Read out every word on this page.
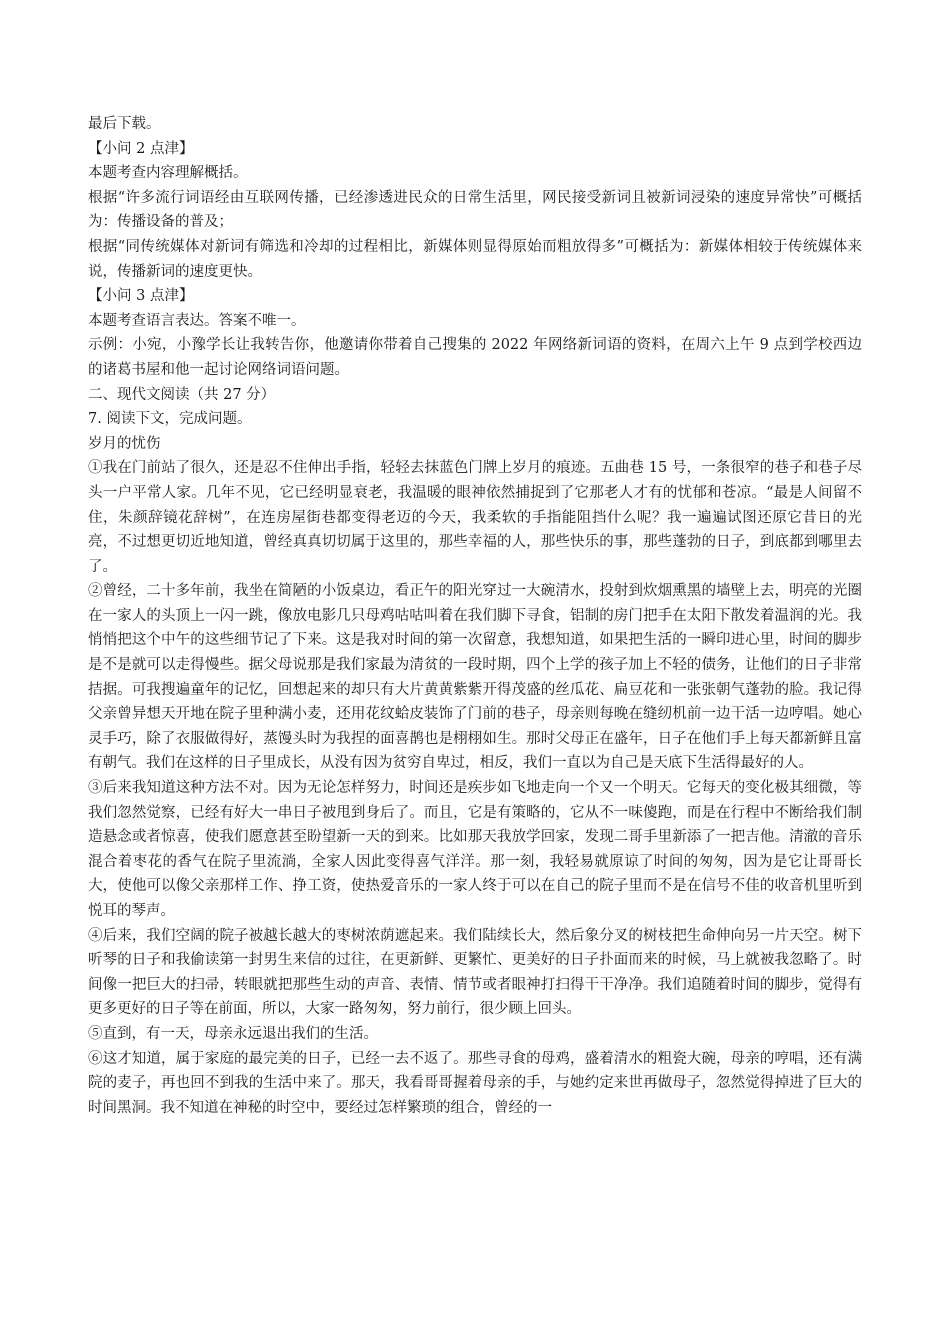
最后下载。
【小问 2 点津】
本题考查内容理解概括。
根据“许多流行词语经由互联网传播，已经渗透进民众的日常生活里，网民接受新词且被新词浸染的速度异常快”可概括为：传播设备的普及；
根据“同传统媒体对新词有筛选和冷却的过程相比，新媒体则显得原始而粗放得多”可概括为：新媒体相较于传统媒体来说，传播新词的速度更快。
【小问 3 点津】
本题考查语言表达。答案不唯一。
示例：小宛，小豫学长让我转告你，他邀请你带着自己搜集的 2022 年网络新词语的资料，在周六上午 9 点到学校西边的诸葛书屋和他一起讨论网络词语问题。
二、现代文阅读（共 27 分）
7. 阅读下文，完成问题。
岁月的忧伤
①我在门前站了很久，还是忍不住伸出手指，轻轻去抹蓝色门牌上岁月的痕迹。五曲巷 15 号，一条很窄的巷子和巷子尽头一户平常人家。几年不见，它已经明显衰老，我温暖的眼神依然捕捉到了它那老人才有的忧郁和苍凉。“最是人间留不住，朱颜辞镜花辞树”，在连房屋街巷都变得老迈的今天，我柔软的手指能阻挡什么呢？我一遍遍试图还原它昔日的光亮，不过想更切近地知道，曾经真真切切属于这里的，那些幸福的人，那些快乐的事，那些蓬勃的日子，到底都到哪里去了。
②曾经，二十多年前，我坐在简陋的小饭桌边，看正午的阳光穿过一大碗清水，投射到炊烟熏黑的墙壁上去，明亮的光圈在一家人的头顶上一闪一跳，像放电影几只母鸡咕咕叫着在我们脚下寻食，铝制的房门把手在太阳下散发着温润的光。我悄悄把这个中午的这些细节记了下来。这是我对时间的第一次留意，我想知道，如果把生活的一瞬印进心里，时间的脚步是不是就可以走得慢些。据父母说那是我们家最为清贫的一段时期，四个上学的孩子加上不轻的债务，让他们的日子非常拮据。可我搜遍童年的记忆，回想起来的却只有大片黄黄紫紫开得茂盛的丝瓜花、扁豆花和一张张朝气蓬勃的脸。我记得父亲曾异想天开地在院子里种满小麦，还用花纹蛤皮装饰了门前的巷子，母亲则每晚在缝纫机前一边干活一边哼唱。她心灵手巧，除了衣服做得好，蒸馒头时为我捏的面喜鹊也是栩栩如生。那时父母正在盛年，日子在他们手上每天都新鲜且富有朝气。我们在这样的日子里成长，从没有因为贫穷自卑过，相反，我们一直以为自己是天底下生活得最好的人。
③后来我知道这种方法不对。因为无论怎样努力，时间还是疾步如飞地走向一个又一个明天。它每天的变化极其细微，等我们忽然觉察，已经有好大一串日子被甩到身后了。而且，它是有策略的，它从不一味傻跑，而是在行程中不断给我们制造悬念或者惊喜，使我们愿意甚至盼望新一天的到来。比如那天我放学回家，发现二哥手里新添了一把吉他。清澈的音乐混合着枣花的香气在院子里流淌，全家人因此变得喜气洋洋。那一刻，我轻易就原谅了时间的匆匆，因为是它让哥哥长大，使他可以像父亲那样工作、挣工资，使热爱音乐的一家人终于可以在自己的院子里而不是在信号不佳的收音机里听到悦耳的琴声。
④后来，我们空阔的院子被越长越大的枣树浓荫遮起来。我们陆续长大，然后象分叉的树枝把生命伸向另一片天空。树下听琴的日子和我偷读第一封男生来信的过往，在更新鲜、更繁忙、更美好的日子扑面而来的时候，马上就被我忽略了。时间像一把巨大的扫帚，转眼就把那些生动的声音、表情、情节或者眼神打扫得干干净净。我们追随着时间的脚步，觉得有更多更好的日子等在前面，所以，大家一路匆匆，努力前行，很少顾上回头。
⑤直到，有一天，母亲永远退出我们的生活。
⑥这才知道，属于家庭的最完美的日子，已经一去不返了。那些寻食的母鸡，盛着清水的粗瓷大碗，母亲的哼唱，还有满院的麦子，再也回不到我的生活中来了。那天，我看哥哥握着母亲的手，与她约定来世再做母子，忽然觉得掉进了巨大的时间黑洞。我不知道在神秘的时空中，要经过怎样繁琐的组合，曾经的一
